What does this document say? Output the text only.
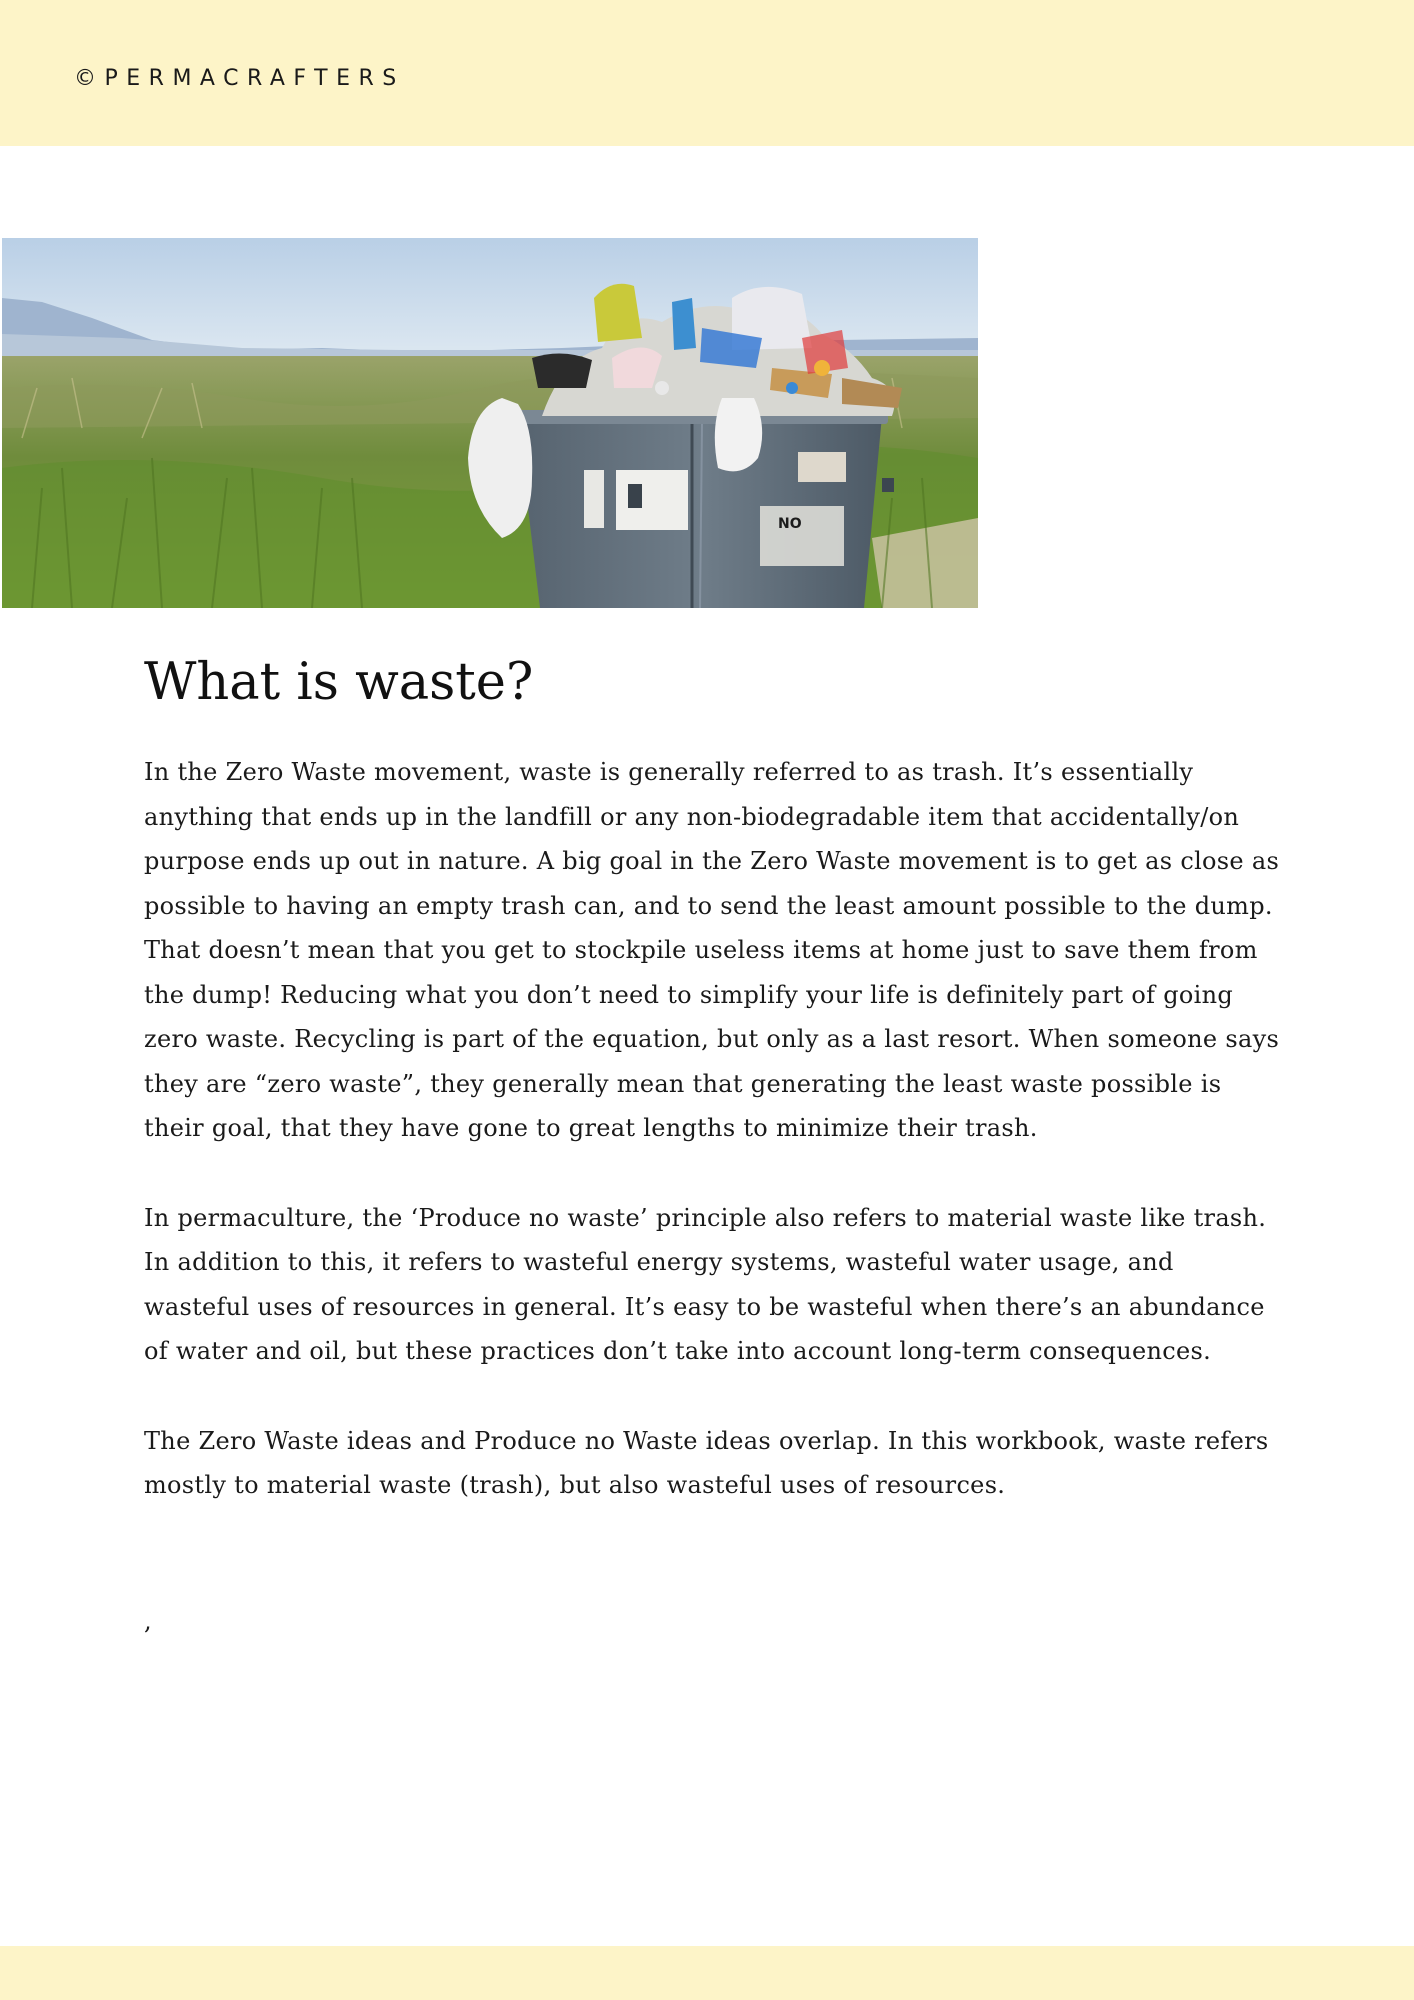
©PERMACRAFTERS
NO
What is waste?

In the Zero Waste movement, waste is generally referred to as trash. It’s essentially anything that ends up in the landfill or any non-biodegradable item that accidentally/on purpose ends up out in nature. A big goal in the Zero Waste movement is to get as close as possible to having an empty trash can, and to send the least amount possible to the dump. That doesn’t mean that you get to stockpile useless items at home just to save them from the dump! Reducing what you don’t need to simplify your life is definitely part of going zero waste. Recycling is part of the equation, but only as a last resort. When someone says they are “zero waste”, they generally mean that generating the least waste possible is their goal, that they have gone to great lengths to minimize their trash.

In permaculture, the ‘Produce no waste’ principle also refers to material waste like trash. In addition to this, it refers to wasteful energy systems, wasteful water usage, and wasteful uses of resources in general. It’s easy to be wasteful when there’s an abundance of water and oil, but these practices don’t take into account long-term consequences.

The Zero Waste ideas and Produce no Waste ideas overlap. In this workbook, waste refers mostly to material waste (trash), but also wasteful uses of resources.

,
